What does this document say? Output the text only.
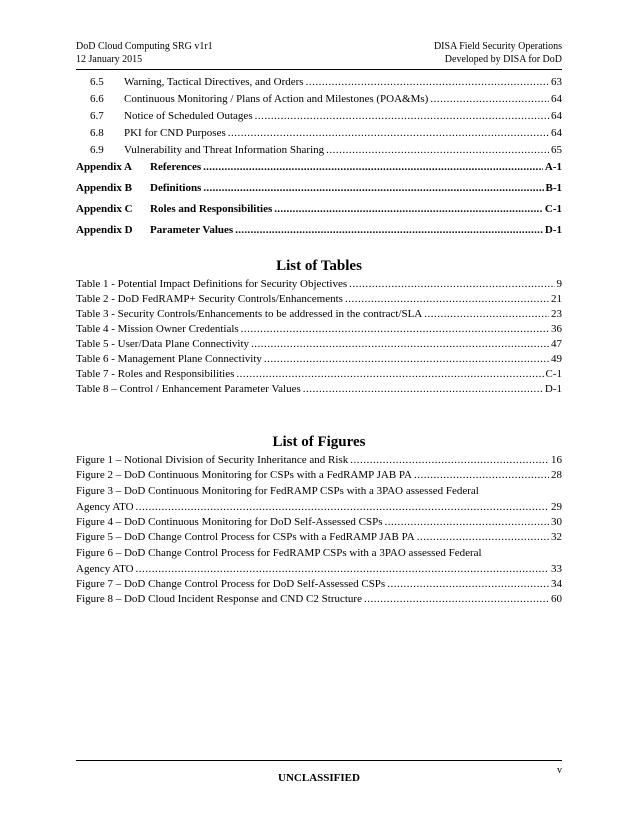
DoD Cloud Computing SRG v1r1	DISA Field Security Operations
12 January 2015	Developed by DISA for DoD
6.5	Warning, Tactical Directives, and Orders .....	63
6.6	Continuous Monitoring / Plans of Action and Milestones (POA&Ms) .....	64
6.7	Notice of Scheduled Outages .....	64
6.8	PKI for CND Purposes .....	64
6.9	Vulnerability and Threat Information Sharing .....	65
Appendix A	References .....	A-1
Appendix B	Definitions .....	B-1
Appendix C	Roles and Responsibilities .....	C-1
Appendix D	Parameter Values .....	D-1
List of Tables
Table 1 - Potential Impact Definitions for Security Objectives .....	9
Table 2 - DoD FedRAMP+ Security Controls/Enhancements .....	21
Table 3 - Security Controls/Enhancements to be addressed in the contract/SLA .....	23
Table 4 - Mission Owner Credentials .....	36
Table 5 - User/Data Plane Connectivity .....	47
Table 6 - Management Plane Connectivity .....	49
Table 7 - Roles and Responsibilities .....	C-1
Table 8 – Control / Enhancement Parameter Values .....	D-1
List of Figures
Figure 1 – Notional Division of Security Inheritance and Risk .....	16
Figure 2 – DoD Continuous Monitoring for CSPs with a FedRAMP JAB PA .....	28
Figure 3 – DoD Continuous Monitoring for FedRAMP CSPs with a 3PAO assessed Federal
Agency ATO .....	29
Figure 4 – DoD Continuous Monitoring for DoD Self-Assessed CSPs .....	30
Figure 5 – DoD Change Control Process for CSPs with a FedRAMP JAB PA .....	32
Figure 6 – DoD Change Control Process for FedRAMP CSPs with a 3PAO assessed Federal
Agency ATO .....	33
Figure 7 – DoD Change Control Process for DoD Self-Assessed CSPs .....	34
Figure 8 – DoD Cloud Incident Response and CND C2 Structure .....	60
v
UNCLASSIFIED
